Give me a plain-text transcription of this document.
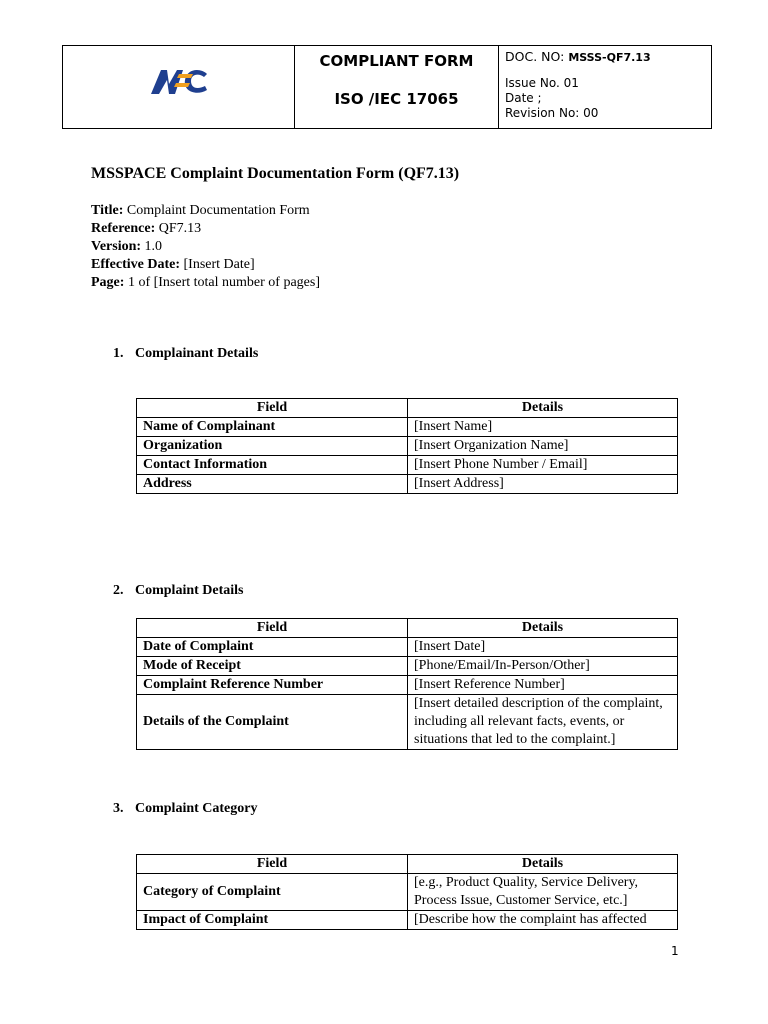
COMPLIANT FORM
ISO /IEC 17065

DOC. NO: MSSS-QF7.13
Issue No. 01
Date ;
Revision No: 00
MSSPACE Complaint Documentation Form (QF7.13)
Title: Complaint Documentation Form
Reference: QF7.13
Version: 1.0
Effective Date: [Insert Date]
Page: 1 of [Insert total number of pages]
1. Complainant Details
Field	Details
Name of Complainant	[Insert Name]
Organization	[Insert Organization Name]
Contact Information	[Insert Phone Number / Email]
Address	[Insert Address]
2. Complaint Details
Field	Details
Date of Complaint	[Insert Date]
Mode of Receipt	[Phone/Email/In-Person/Other]
Complaint Reference Number	[Insert Reference Number]
Details of the Complaint	[Insert detailed description of the complaint, including all relevant facts, events, or situations that led to the complaint.]
3. Complaint Category
Field	Details
Category of Complaint	[e.g., Product Quality, Service Delivery, Process Issue, Customer Service, etc.]
Impact of Complaint	[Describe how the complaint has affected
1
